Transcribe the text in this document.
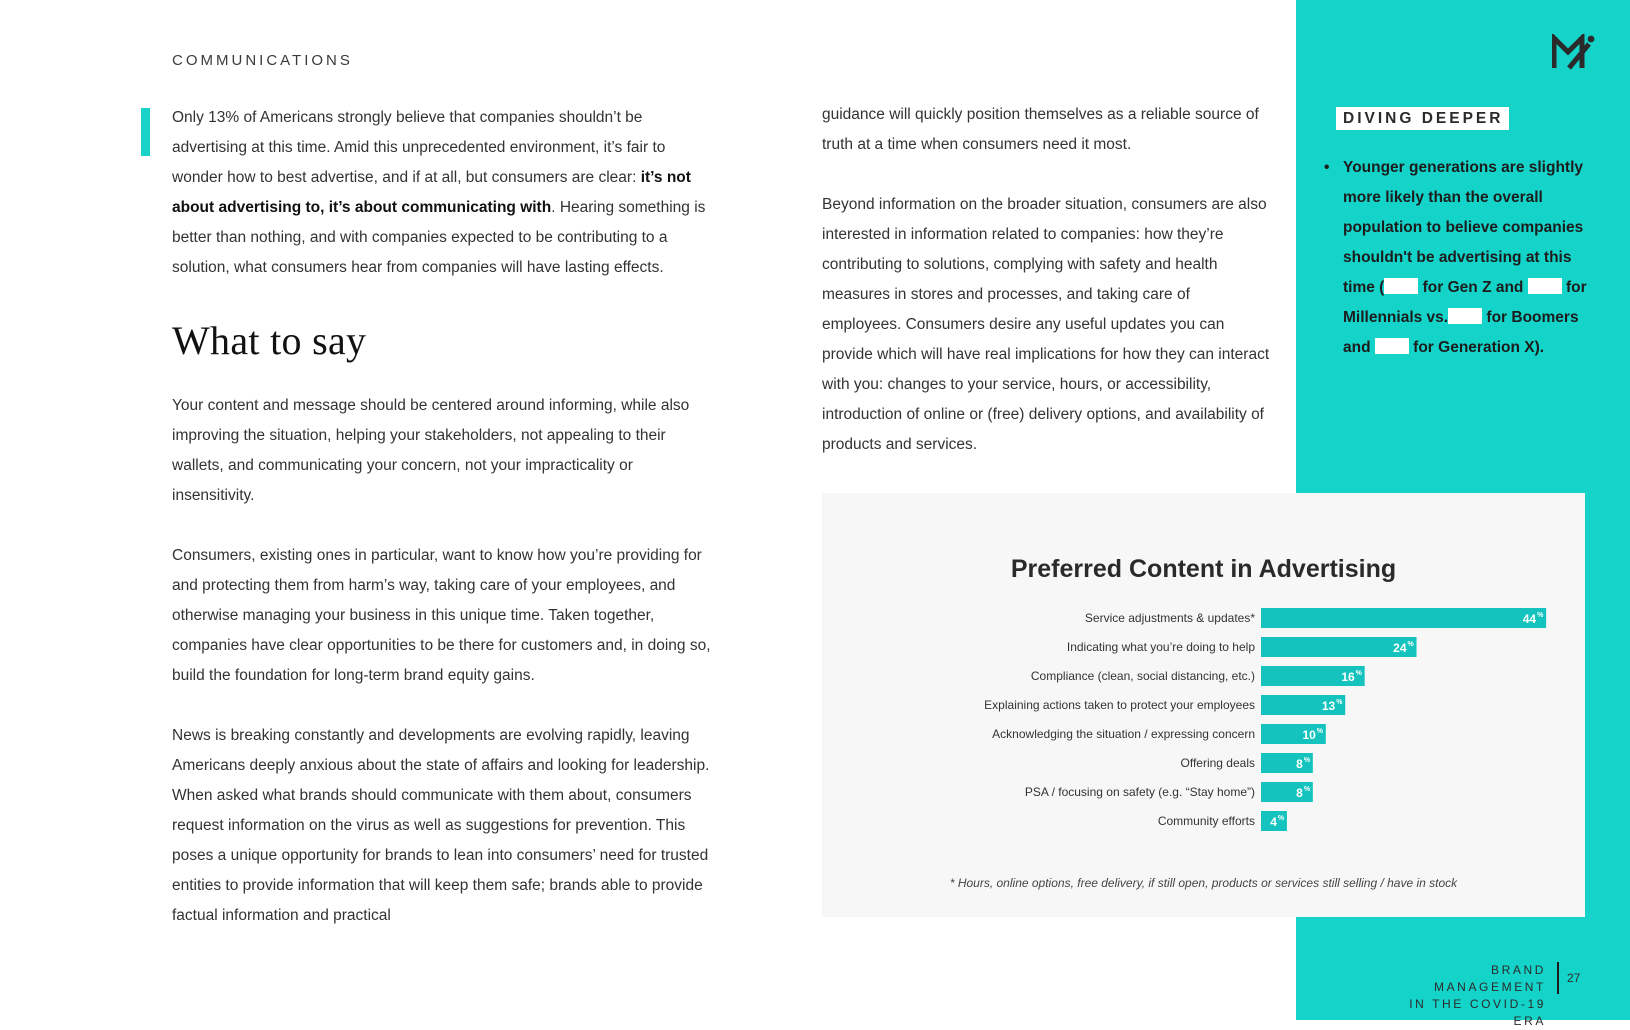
COMMUNICATIONS

Only 13% of Americans strongly believe that companies shouldn’t be advertising at this time. Amid this unprecedented environment, it’s fair to wonder how to best advertise, and if at all, but consumers are clear: it’s not about advertising to, it’s about communicating with. Hearing something is better than nothing, and with companies expected to be contributing to a solution, what consumers hear from companies will have lasting effects.

What to say

Your content and message should be centered around informing, while also improving the situation, helping your stakeholders, not appealing to their wallets, and communicating your concern, not your impracticality or insensitivity.

Consumers, existing ones in particular, want to know how you’re providing for and protecting them from harm’s way, taking care of your employees, and otherwise managing your business in this unique time. Taken together, companies have clear opportunities to be there for customers and, in doing so, build the foundation for long-term brand equity gains.

News is breaking constantly and developments are evolving rapidly, leaving Americans deeply anxious about the state of affairs and looking for leadership. When asked what brands should communicate with them about, consumers request information on the virus as well as suggestions for prevention. This poses a unique opportunity for brands to lean into consumers’ need for trusted entities to provide information that will keep them safe; brands able to provide factual information and practical

guidance will quickly position themselves as a reliable source of truth at a time when consumers need it most.

Beyond information on the broader situation, consumers are also interested in information related to companies: how they’re contributing to solutions, complying with safety and health measures in stores and processes, and taking care of employees. Consumers desire any useful updates you can provide which will have real implications for how they can interact with you: changes to your service, hours, or accessibility, introduction of online or (free) delivery options, and availability of products and services.

DIVING DEEPER
• Younger generations are slightly more likely than the overall population to believe companies shouldn't be advertising at this time ( for Gen Z and  for Millennials vs. for Boomers and  for Generation X).
Preferred Content in Advertising
Service adjustments & updates*	44 %
Indicating what you’re doing to help	24 %
Compliance (clean, social distancing, etc.)	16 %
Explaining actions taken to protect your employees	13 %
Acknowledging the situation / expressing concern	10 %
Offering deals	8 %
PSA / focusing on safety (e.g. “Stay home”)	8 %
Community efforts 4 %
* Hours, online options, free delivery, if still open, products or services still selling / have in stock
BRAND MANAGEMENT
IN THE COVID-19 ERA
27
